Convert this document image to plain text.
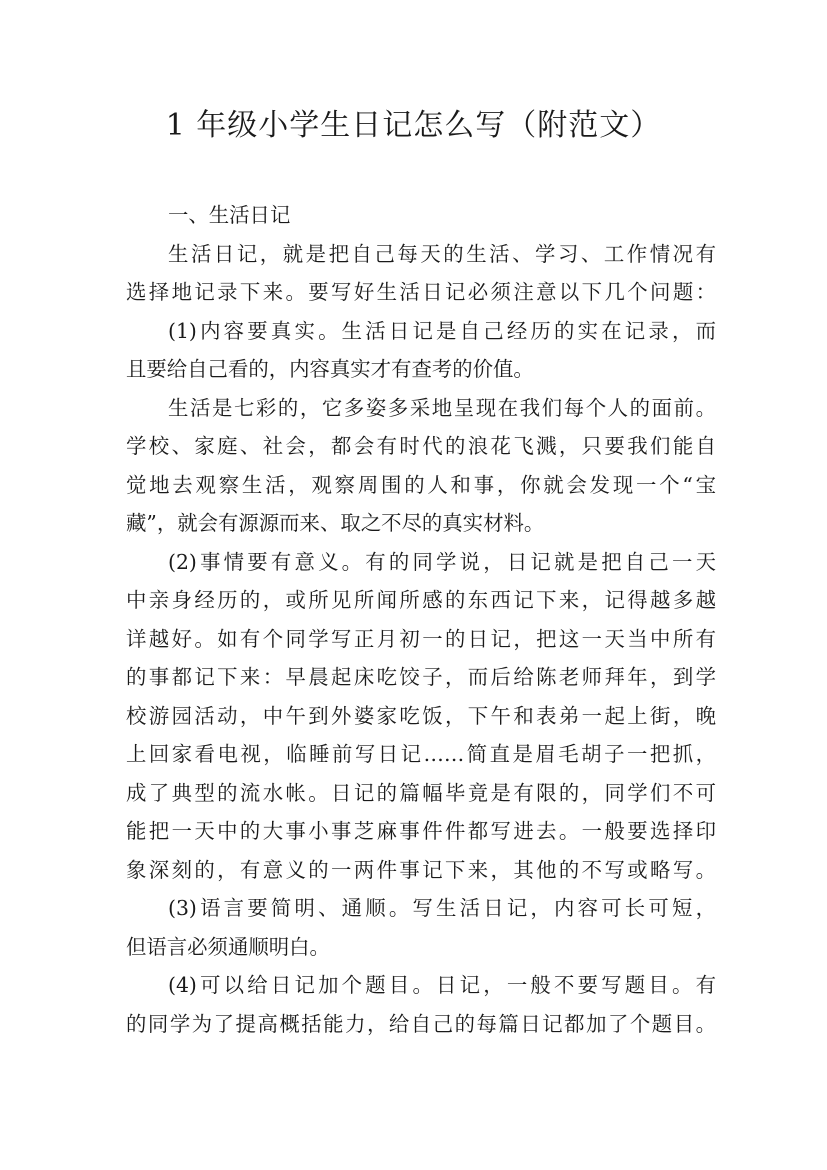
1 年级小学生日记怎么写（附范文）
一、生活日记
生活日记，就是把自己每天的生活、学习、工作情况有
选择地记录下来。要写好生活日记必须注意以下几个问题：
(1)内容要真实。生活日记是自己经历的实在记录，而
且要给自己看的，内容真实才有查考的价值。
生活是七彩的，它多姿多采地呈现在我们每个人的面前。
学校、家庭、社会，都会有时代的浪花飞溅，只要我们能自
觉地去观察生活，观察周围的人和事，你就会发现一个“宝
藏”，就会有源源而来、取之不尽的真实材料。
(2)事情要有意义。有的同学说，日记就是把自己一天
中亲身经历的，或所见所闻所感的东西记下来，记得越多越
详越好。如有个同学写正月初一的日记，把这一天当中所有
的事都记下来：早晨起床吃饺子，而后给陈老师拜年，到学
校游园活动，中午到外婆家吃饭，下午和表弟一起上街，晚
上回家看电视，临睡前写日记……简直是眉毛胡子一把抓，
成了典型的流水帐。日记的篇幅毕竟是有限的，同学们不可
能把一天中的大事小事芝麻事件件都写进去。一般要选择印
象深刻的，有意义的一两件事记下来，其他的不写或略写。
(3)语言要简明、通顺。写生活日记，内容可长可短，
但语言必须通顺明白。
(4)可以给日记加个题目。日记，一般不要写题目。有
的同学为了提高概括能力，给自己的每篇日记都加了个题目。
